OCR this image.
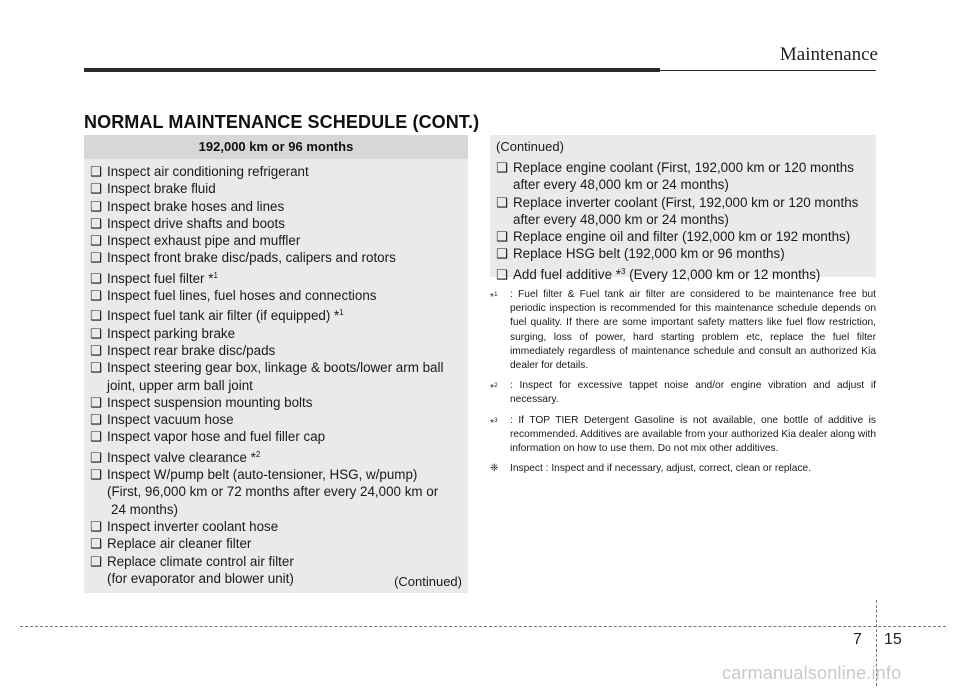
Maintenance
NORMAL MAINTENANCE SCHEDULE (CONT.)
192,000 km or 96 months
❑ Inspect air conditioning refrigerant
❑ Inspect brake fluid
❑ Inspect brake hoses and lines
❑ Inspect drive shafts and boots
❑ Inspect exhaust pipe and muffler
❑ Inspect front brake disc/pads, calipers and rotors
❑ Inspect fuel filter *$^1$
❑ Inspect fuel lines, fuel hoses and connections
❑ Inspect fuel tank air filter (if equipped) *$^1$
❑ Inspect parking brake
❑ Inspect rear brake disc/pads
❑ Inspect steering gear box, linkage & boots/lower arm ball
joint, upper arm ball joint
❑ Inspect suspension mounting bolts
❑ Inspect vacuum hose
❑ Inspect vapor hose and fuel filler cap
❑ Inspect valve clearance *$^2$
❑ Inspect W/pump belt (auto-tensioner, HSG, w/pump)
(First, 96,000 km or 72 months after every 24,000 km or
24 months)
❑ Inspect inverter coolant hose
❑ Replace air cleaner filter
❑ Replace climate control air filter
(for evaporator and blower unit)	(Continued)
(Continued)
❑ Replace engine coolant (First, 192,000 km or 120 months
after every 48,000 km or 24 months)
❑ Replace inverter coolant (First, 192,000 km or 120 months
after every 48,000 km or 24 months)
❑ Replace engine oil and filter (192,000 km or 192 months)
❑ Replace HSG belt (192,000 km or 96 months)
❑ Add fuel additive *$^3$ (Every 12,000 km or 12 months)
*$^1$	: Fuel filter & Fuel tank air filter are considered to be maintenance free but periodic inspection is recommended for this maintenance schedule depends on fuel quality. If there are some important safety matters like fuel flow restriction, surging, loss of power, hard starting problem etc, replace the fuel filter immediately regardless of maintenance schedule and consult an authorized Kia dealer for details.
*$^2$	: Inspect for excessive tappet noise and/or engine vibration and adjust if necessary.
*$^3$	: If TOP TIER Detergent Gasoline is not available, one bottle of additive is recommended. Additives are available from your authorized Kia dealer along with information on how to use them. Do not mix other additives.
❈	Inspect : Inspect and if necessary, adjust, correct, clean or replace.
7 15
carmanualsonline.info
